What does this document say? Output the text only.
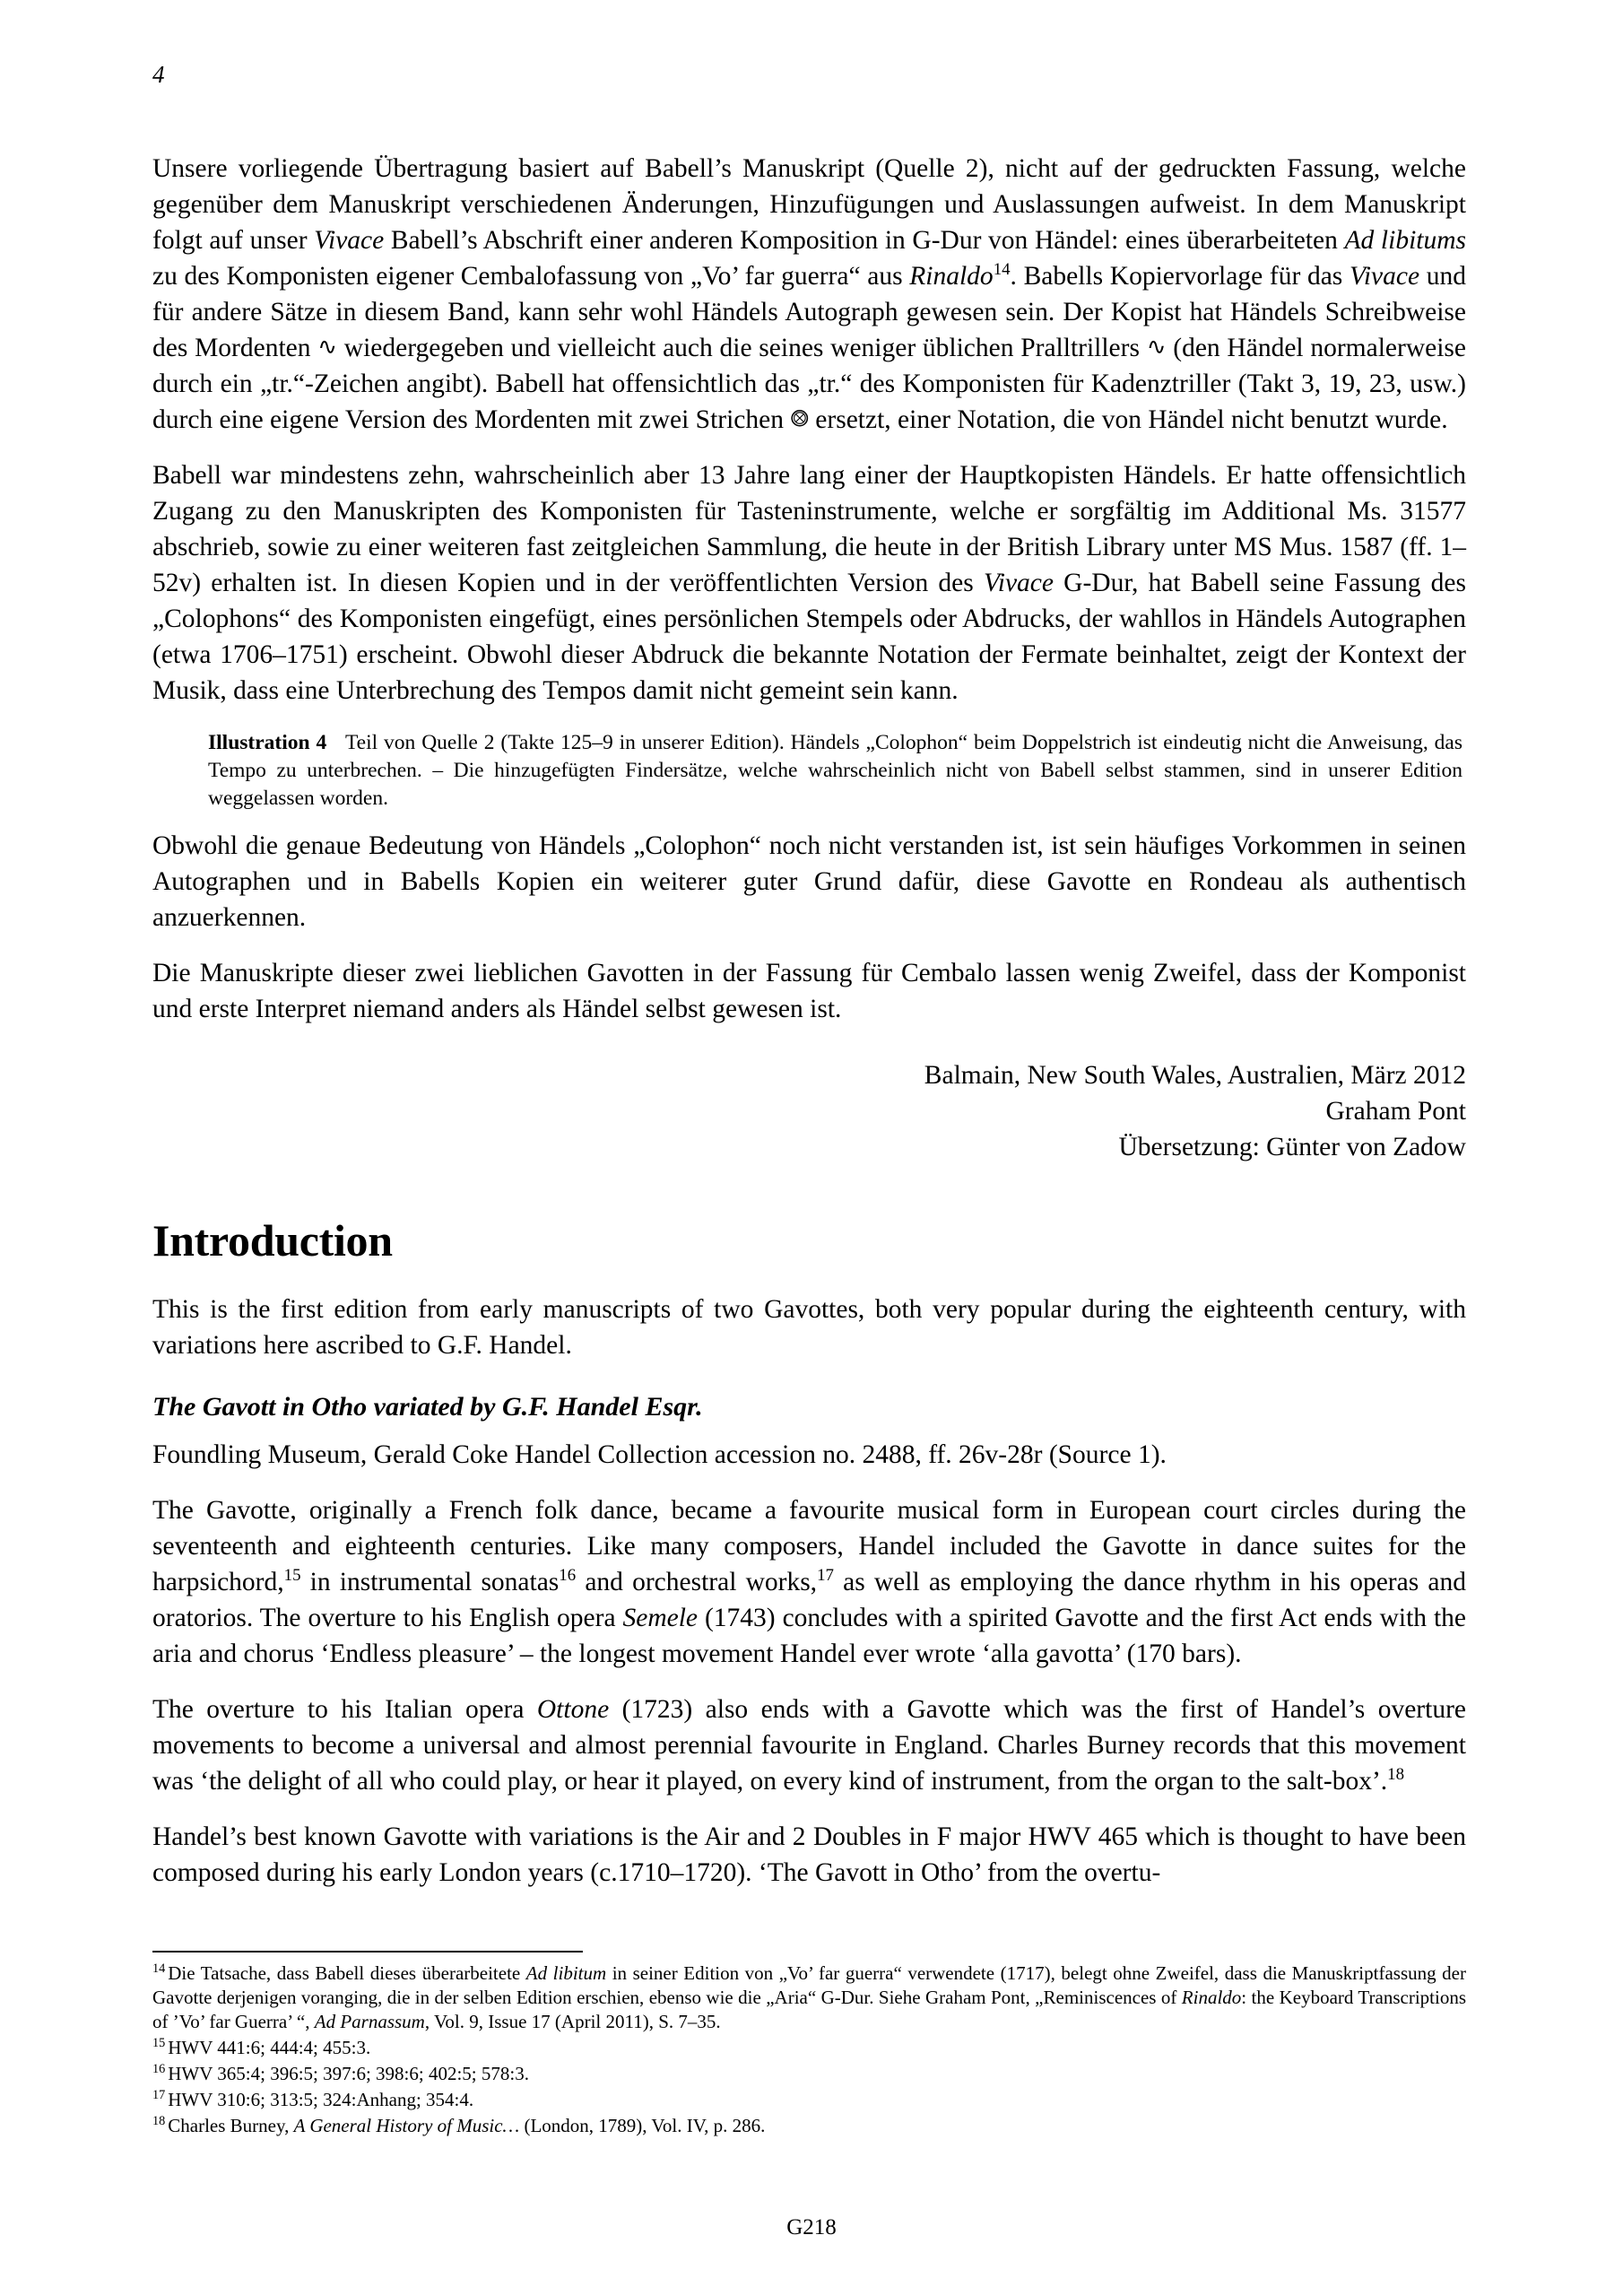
4

Unsere vorliegende Übertragung basiert auf Babell’s Manuskript (Quelle 2), nicht auf der gedruckten Fassung, welche gegenüber dem Manuskript verschiedenen Änderungen, Hinzufügungen und Auslassungen aufweist. In dem Manuskript folgt auf unser Vivace Babell’s Abschrift einer anderen Komposition in G-Dur von Händel: eines überarbeiteten Ad libitums zu des Komponisten eigener Cembalofassung von „Vo’ far guerra“ aus Rinaldo$^{14}$. Babells Kopiervorlage für das Vivace und für andere Sätze in diesem Band, kann sehr wohl Händels Autograph gewesen sein. Der Kopist hat Händels Schreibweise des Mordenten ∿ wiedergegeben und vielleicht auch die seines weniger üblichen Pralltrillers ∿ (den Händel normalerweise durch ein „tr.“-Zeichen angibt). Babell hat offensichtlich das „tr.“ des Komponisten für Kadenztriller (Takt 3, 19, 23, usw.) durch eine eigene Version des Mordenten mit zwei Strichen ⨷ ersetzt, einer Notation, die von Händel nicht benutzt wurde.

Babell war mindestens zehn, wahrscheinlich aber 13 Jahre lang einer der Hauptkopisten Händels. Er hatte offensichtlich Zugang zu den Manuskripten des Komponisten für Tasteninstrumente, welche er sorgfältig im Additional Ms. 31577 abschrieb, sowie zu einer weiteren fast zeitgleichen Sammlung, die heute in der British Library unter MS Mus. 1587 (ff. 1–52v) erhalten ist. In diesen Kopien und in der veröffentlichten Version des Vivace G-Dur, hat Babell seine Fassung des „Colophons“ des Komponisten eingefügt, eines persönlichen Stempels oder Abdrucks, der wahllos in Händels Autographen (etwa 1706–1751) erscheint. Obwohl dieser Abdruck die bekannte Notation der Fermate beinhaltet, zeigt der Kontext der Musik, dass eine Unterbrechung des Tempos damit nicht gemeint sein kann.

Illustration 4 Teil von Quelle 2 (Takte 125–9 in unserer Edition). Händels „Colophon“ beim Doppelstrich ist eindeutig nicht die Anweisung, das Tempo zu unterbrechen. – Die hinzugefügten Findersätze, welche wahrscheinlich nicht von Babell selbst stammen, sind in unserer Edition weggelassen worden.

Obwohl die genaue Bedeutung von Händels „Colophon“ noch nicht verstanden ist, ist sein häufiges Vorkommen in seinen Autographen und in Babells Kopien ein weiterer guter Grund dafür, diese Gavotte en Rondeau als authentisch anzuerkennen.

Die Manuskripte dieser zwei lieblichen Gavotten in der Fassung für Cembalo lassen wenig Zweifel, dass der Komponist und erste Interpret niemand anders als Händel selbst gewesen ist.

Balmain, New South Wales, Australien, März 2012
Graham Pont
Übersetzung: Günter von Zadow
Introduction

This is the first edition from early manuscripts of two Gavottes, both very popular during the eighteenth century, with variations here ascribed to G.F. Handel.

The Gavott in Otho variated by G.F. Handel Esqr.

Foundling Museum, Gerald Coke Handel Collection accession no. 2488, ff. 26v-28r (Source 1).

The Gavotte, originally a French folk dance, became a favourite musical form in European court circles during the seventeenth and eighteenth centuries. Like many composers, Handel included the Gavotte in dance suites for the harpsichord,$^{15}$ in instrumental sonatas$^{16}$ and orchestral works,$^{17}$ as well as employing the dance rhythm in his operas and oratorios. The overture to his English opera Semele (1743) concludes with a spirited Gavotte and the first Act ends with the aria and chorus ‘Endless pleasure’ – the longest movement Handel ever wrote ‘alla gavotta’ (170 bars).

The overture to his Italian opera Ottone (1723) also ends with a Gavotte which was the first of Handel’s overture movements to become a universal and almost perennial favourite in England. Charles Burney records that this movement was ‘the delight of all who could play, or hear it played, on every kind of instrument, from the organ to the salt-box’.$^{18}$

Handel’s best known Gavotte with variations is the Air and 2 Doubles in F major HWV 465 which is thought to have been composed during his early London years (c.1710–1720). ‘The Gavott in Otho’ from the overtu-

$^{14}$ Die Tatsache, dass Babell dieses überarbeitete Ad libitum in seiner Edition von „Vo’ far guerra“ verwendete (1717), belegt ohne Zweifel, dass die Manuskriptfassung der Gavotte derjenigen voranging, die in der selben Edition erschien, ebenso wie die „Aria“ G-Dur. Siehe Graham Pont, „Reminiscences of Rinaldo: the Keyboard Transcriptions of ’Vo’ far Guerra’ “, Ad Parnassum, Vol. 9, Issue 17 (April 2011), S. 7–35.

$^{15}$ HWV 441:6; 444:4; 455:3.

$^{16}$ HWV 365:4; 396:5; 397:6; 398:6; 402:5; 578:3.

$^{17}$ HWV 310:6; 313:5; 324:Anhang; 354:4.

$^{18}$ Charles Burney, A General History of Music… (London, 1789), Vol. IV, p. 286.

G218
